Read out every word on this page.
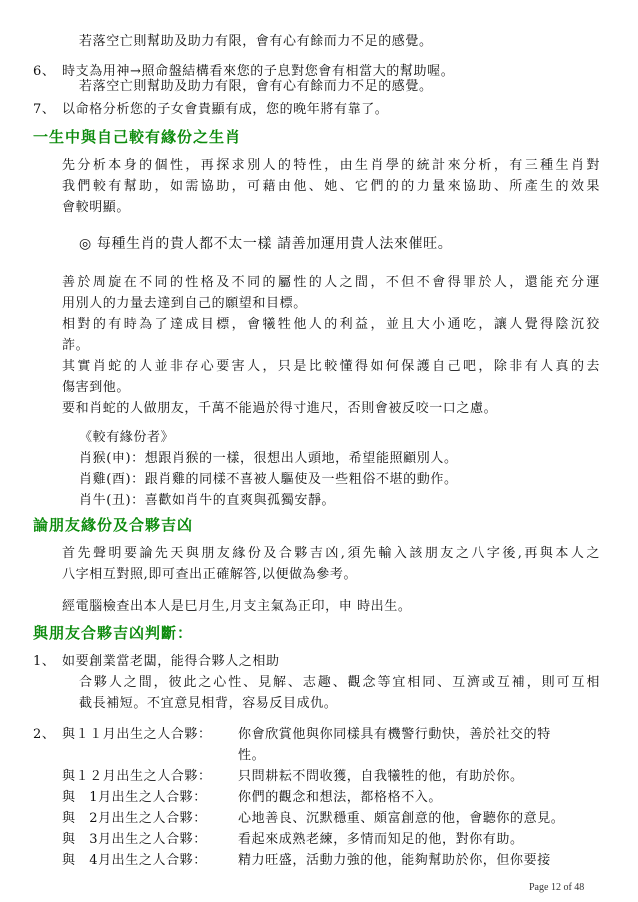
若落空亡則幫助及助力有限，會有心有餘而力不足的感覺。
6、 時支為用神→照命盤結構看來您的子息對您會有相當大的幫助喔。
若落空亡則幫助及助力有限，會有心有餘而力不足的感覺。
7、 以命格分析您的子女會貴顯有成，您的晚年將有靠了。
一生中與自己較有緣份之生肖
先分析本身的個性，再探求別人的特性，由生肖學的統計來分析，有三種生肖對
我們較有幫助，如需協助，可藉由他、她、它們的的力量來協助、所產生的效果
會較明顯。
◎ 每種生肖的貴人都不太一樣 請善加運用貴人法來催旺。
善於周旋在不同的性格及不同的屬性的人之間，不但不會得罪於人，還能充分運
用別人的力量去達到自己的願望和目標。
相對的有時為了達成目標，會犧牲他人的利益，並且大小通吃，讓人覺得陰沉狡
詐。
其實肖蛇的人並非存心要害人，只是比較懂得如何保護自己吧，除非有人真的去
傷害到他。
要和肖蛇的人做朋友，千萬不能過於得寸進尺，否則會被反咬一口之慮。
《較有緣份者》
肖猴(申)：想跟肖猴的一樣，很想出人頭地，希望能照顧別人。
肖雞(酉)：跟肖雞的同樣不喜被人驅使及一些粗俗不堪的動作。
肖牛(丑)：喜歡如肖牛的直爽與孤獨安靜。
論朋友緣份及合夥吉凶
首先聲明要論先天與朋友緣份及合夥吉凶,須先輸入該朋友之八字後,再與本人之
八字相互對照,即可查出正確解答,以便做為參考。
經電腦檢查出本人是巳月生,月支主氣為正印，申 時出生。
與朋友合夥吉凶判斷：
1、 如要創業當老闆，能得合夥人之相助
合夥人之間，彼此之心性、見解、志趣、觀念等宜相同、互濟或互補，則可互相
截長補短。不宜意見相背，容易反目成仇。
2、 與１１月出生之人合夥： 你會欣賞他與你同樣具有機警行動快，善於社交的特
性。
與１２月出生之人合夥： 只問耕耘不問收獲，自我犧牲的他，有助於你。
與　1月出生之人合夥： 你們的觀念和想法，都格格不入。
與　2月出生之人合夥： 心地善良、沉默穩重、頗富創意的他，會聽你的意見。
與　3月出生之人合夥： 看起來成熟老練，多情而知足的他，對你有助。
與　4月出生之人合夥： 精力旺盛，活動力強的他，能夠幫助於你，但你要接
Page 12 of 48
